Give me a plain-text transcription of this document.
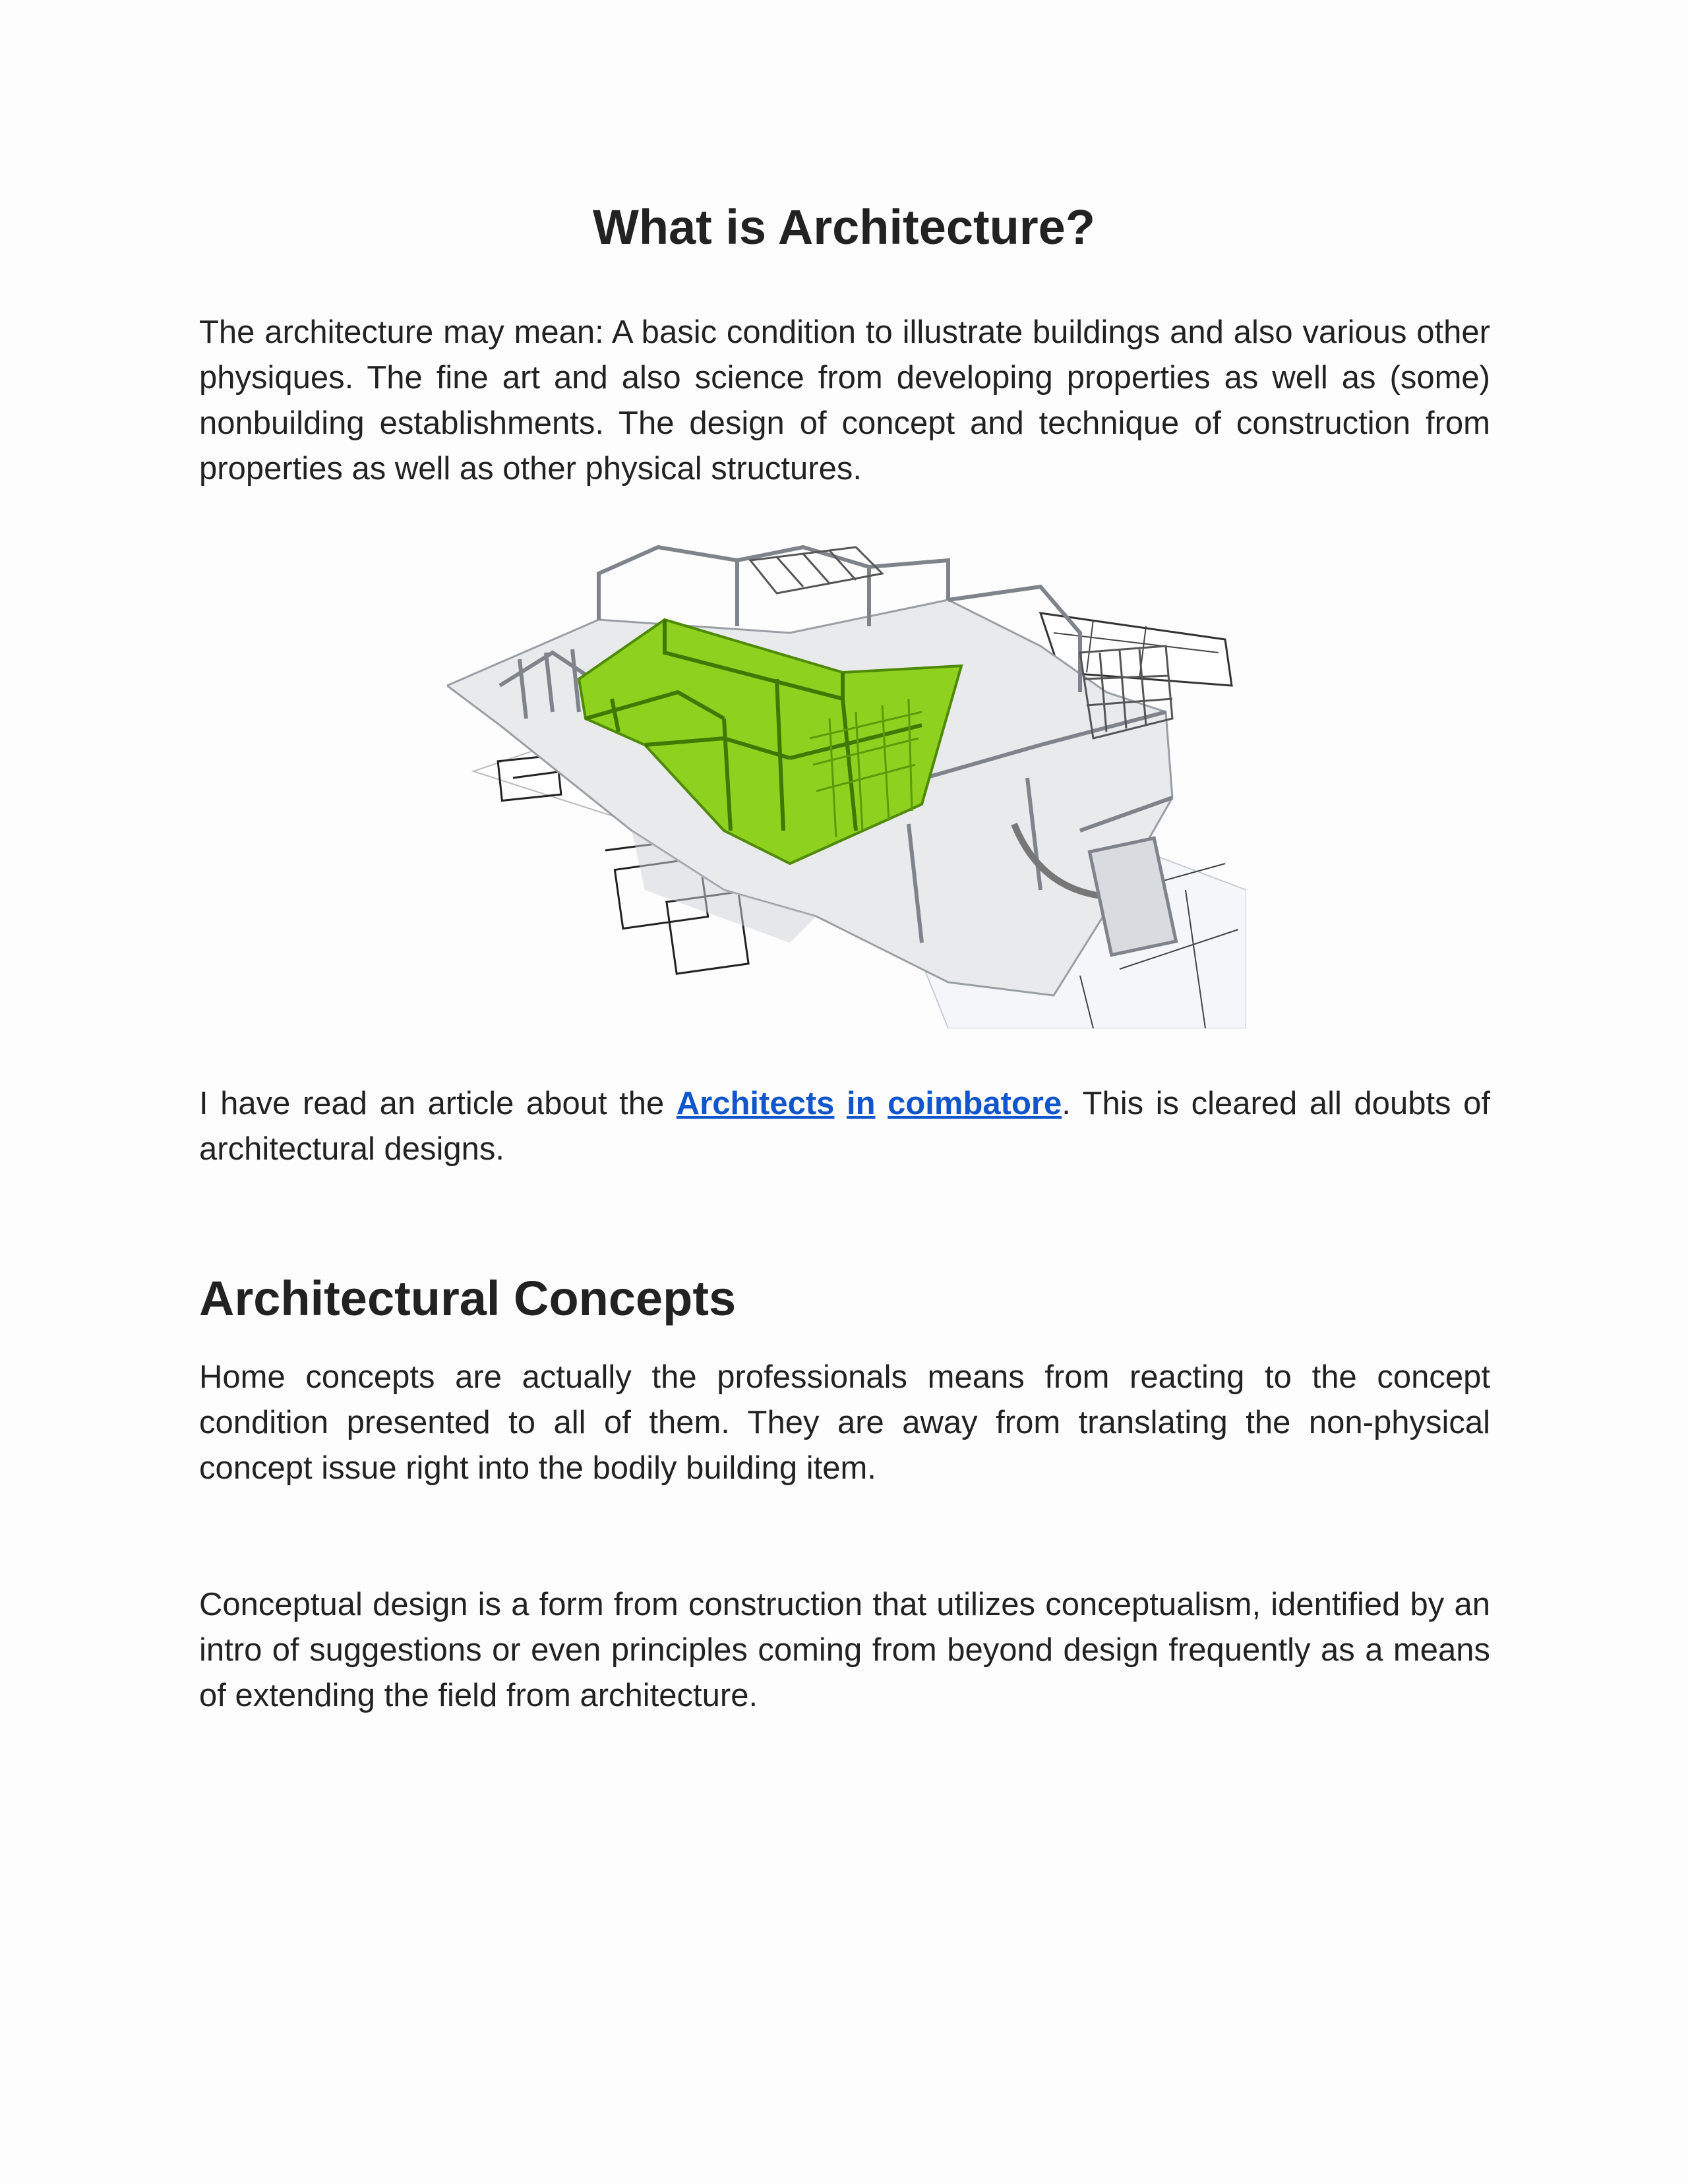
What is Architecture?

The architecture may mean: A basic condition to illustrate buildings and also various other physiques. The fine art and also science from developing properties as well as (some) nonbuilding establishments. The design of concept and technique of construction from properties as well as other physical structures.

I have read an article about the Architects in coimbatore. This is cleared all doubts of architectural designs.

Architectural Concepts

Home concepts are actually the professionals means from reacting to the concept condition presented to all of them. They are away from translating the non-physical concept issue right into the bodily building item.

Conceptual design is a form from construction that utilizes conceptualism, identified by an intro of suggestions or even principles coming from beyond design frequently as a means of extending the field from architecture.
